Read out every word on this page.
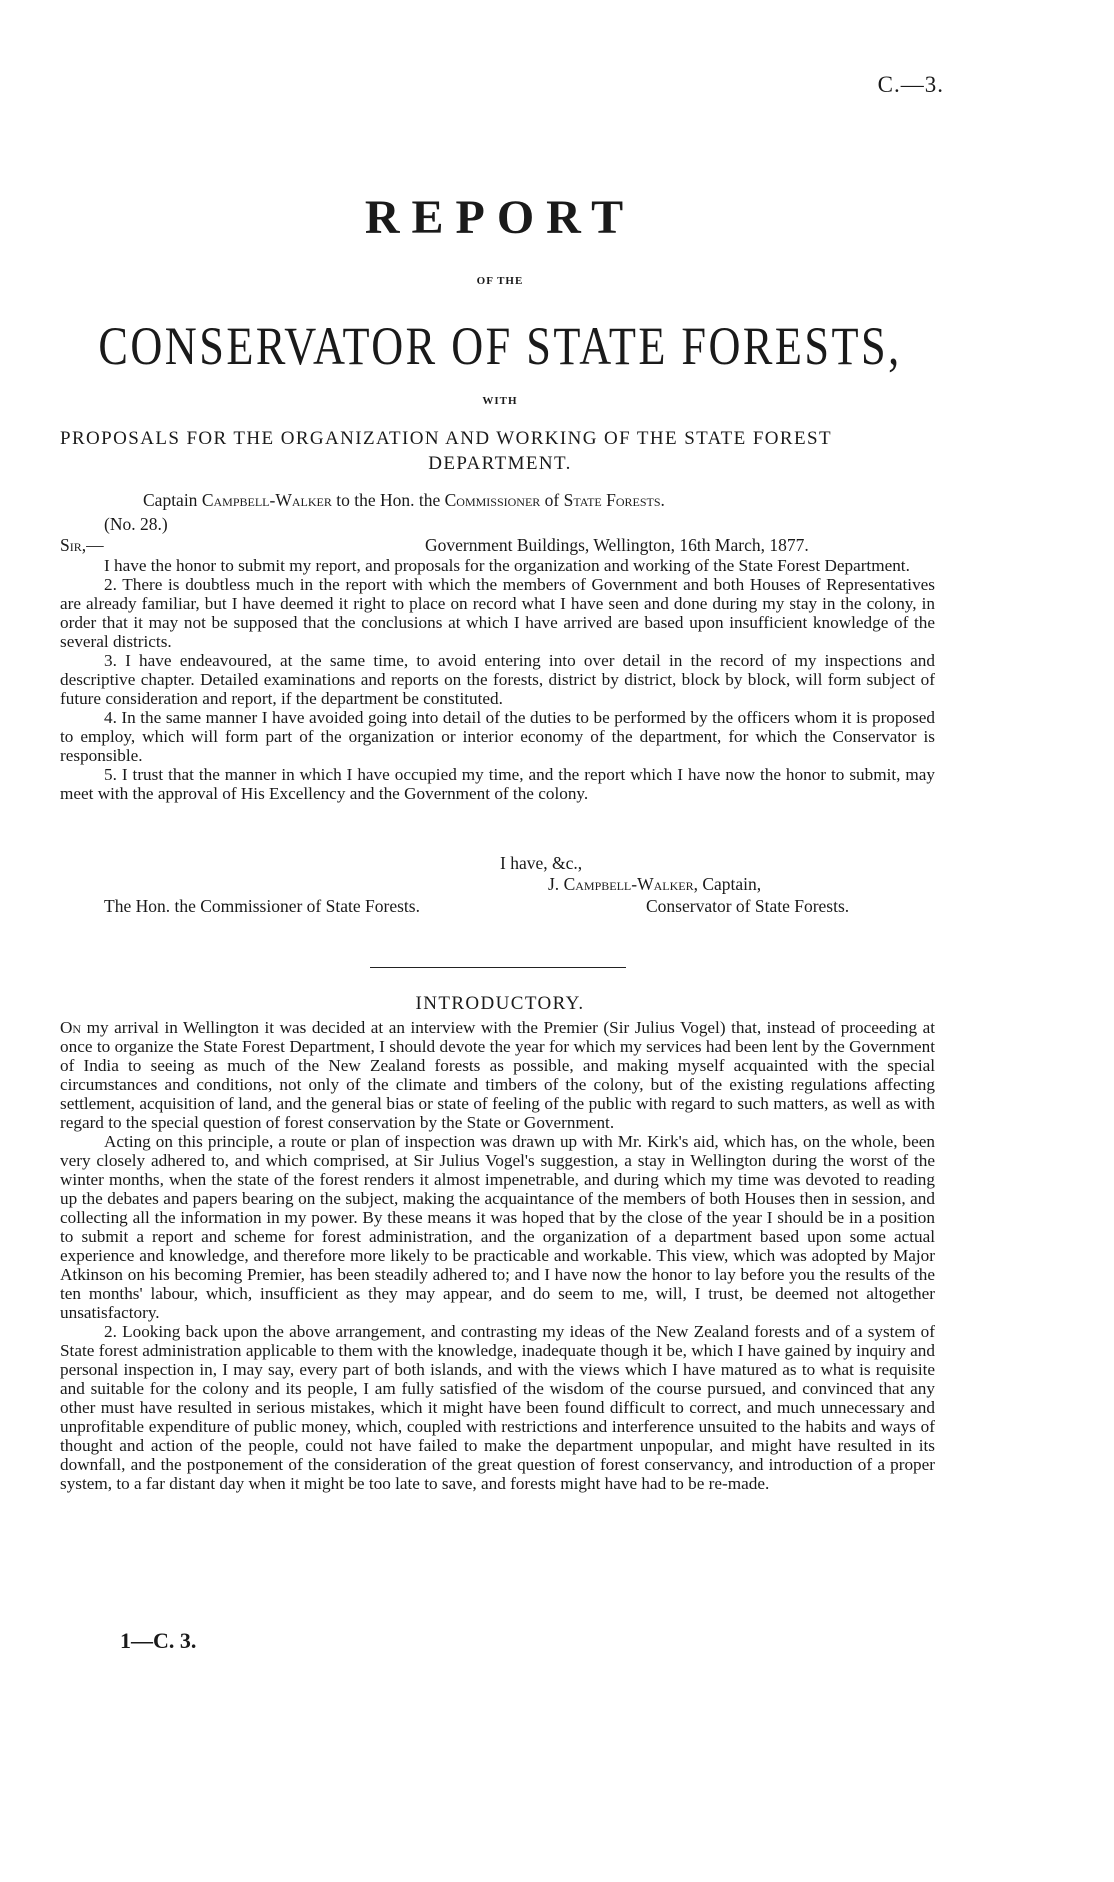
C.—3.
REPORT
OF THE
CONSERVATOR OF STATE FORESTS,
WITH
PROPOSALS FOR THE ORGANIZATION AND WORKING OF THE STATE FOREST
DEPARTMENT.
Captain Campbell-Walker to the Hon. the Commissioner of State Forests.
(No. 28.)
Sir,—	Government Buildings, Wellington, 16th March, 1877.

I have the honor to submit my report, and proposals for the organization and working of the State Forest Department.

2. There is doubtless much in the report with which the members of Government and both Houses of Representatives are already familiar, but I have deemed it right to place on record what I have seen and done during my stay in the colony, in order that it may not be supposed that the conclusions at which I have arrived are based upon insufficient knowledge of the several districts.

3. I have endeavoured, at the same time, to avoid entering into over detail in the record of my inspections and descriptive chapter. Detailed examinations and reports on the forests, district by district, block by block, will form subject of future consideration and report, if the department be constituted.

4. In the same manner I have avoided going into detail of the duties to be performed by the officers whom it is proposed to employ, which will form part of the organization or interior economy of the department, for which the Conservator is responsible.

5. I trust that the manner in which I have occupied my time, and the report which I have now the honor to submit, may meet with the approval of His Excellency and the Government of the colony.

I have, &c.,
J. Campbell-Walker, Captain,
The Hon. the Commissioner of State Forests.	Conservator of State Forests.
INTRODUCTORY.

On my arrival in Wellington it was decided at an interview with the Premier (Sir Julius Vogel) that, instead of proceeding at once to organize the State Forest Department, I should devote the year for which my services had been lent by the Government of India to seeing as much of the New Zealand forests as possible, and making myself acquainted with the special circumstances and conditions, not only of the climate and timbers of the colony, but of the existing regulations affecting settlement, acquisition of land, and the general bias or state of feeling of the public with regard to such matters, as well as with regard to the special question of forest conservation by the State or Government.

Acting on this principle, a route or plan of inspection was drawn up with Mr. Kirk's aid, which has, on the whole, been very closely adhered to, and which comprised, at Sir Julius Vogel's suggestion, a stay in Wellington during the worst of the winter months, when the state of the forest renders it almost impenetrable, and during which my time was devoted to reading up the debates and papers bearing on the subject, making the acquaintance of the members of both Houses then in session, and collecting all the information in my power. By these means it was hoped that by the close of the year I should be in a position to submit a report and scheme for forest administration, and the organization of a department based upon some actual experience and knowledge, and therefore more likely to be practicable and workable. This view, which was adopted by Major Atkinson on his becoming Premier, has been steadily adhered to; and I have now the honor to lay before you the results of the ten months' labour, which, insufficient as they may appear, and do seem to me, will, I trust, be deemed not altogether unsatisfactory.

2. Looking back upon the above arrangement, and contrasting my ideas of the New Zealand forests and of a system of State forest administration applicable to them with the knowledge, inadequate though it be, which I have gained by inquiry and personal inspection in, I may say, every part of both islands, and with the views which I have matured as to what is requisite and suitable for the colony and its people, I am fully satisfied of the wisdom of the course pursued, and convinced that any other must have resulted in serious mistakes, which it might have been found difficult to correct, and much unnecessary and unprofitable expenditure of public money, which, coupled with restrictions and interference unsuited to the habits and ways of thought and action of the people, could not have failed to make the department unpopular, and might have resulted in its downfall, and the postponement of the consideration of the great question of forest conservancy, and introduction of a proper system, to a far distant day when it might be too late to save, and forests might have had to be re-made.

1—C. 3.
